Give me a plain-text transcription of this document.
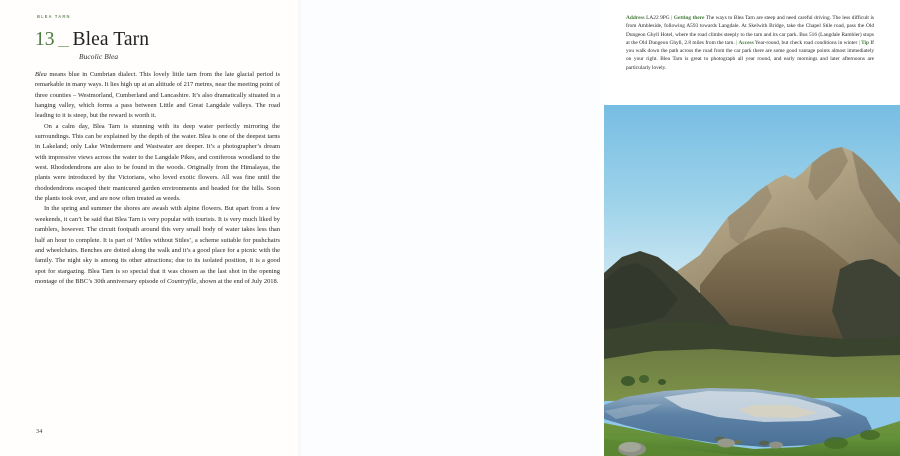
BLEA TARN
13 Blea Tarn
Bucolic Blea

Blea means blue in Cumbrian dialect. This lovely little tarn from the late glacial period is remarkable in many ways. It lies high up at an altitude of 217 metres, near the meeting point of three counties – Westmorland, Cumberland and Lancashire. It’s also dramatically situated in a hanging valley, which forms a pass between Little and Great Langdale valleys. The road leading to it is steep, but the reward is worth it.

On a calm day, Blea Tarn is stunning with its deep water perfectly mirroring the surroundings. This can be explained by the depth of the water. Blea is one of the deepest tarns in Lakeland; only Lake Windermere and Wastwater are deeper. It’s a photographer’s dream with impressive views across the water to the Langdale Pikes, and coniferous woodland to the west. Rhododendrons are also to be found in the woods. Originally from the Himalayas, the plants were introduced by the Victorians, who loved exotic flowers. All was fine until the rhododendrons escaped their manicured garden environments and headed for the hills. Soon the plants took over, and are now often treated as weeds.

In the spring and summer the shores are awash with alpine flowers. But apart from a few weekends, it can’t be said that Blea Tarn is very popular with tourists. It is very much liked by ramblers, however. The circuit footpath around this very small body of water takes less than half an hour to complete. It is part of ‘Miles without Stiles’, a scheme suitable for pushchairs and wheelchairs. Benches are dotted along the walk and it’s a good place for a picnic with the family. The night sky is among its other attractions; due to its isolated position, it is a good spot for stargazing. Blea Tarn is so special that it was chosen as the last shot in the opening montage of the BBC’s 30th anniversary episode of Countryfile, shown at the end of July 2018.

34
Address LA22 9PG | Getting there The ways to Blea Tarn are steep and need careful driving. The less difficult is from Ambleside, following A593 towards Langdale. At Skelwith Bridge, take the Chapel Stile road, pass the Old Dungeon Ghyll Hotel, where the road climbs steeply to the tarn and its car park. Bus 516 (Langdale Rambler) stops at the Old Dungeon Ghyll, 2.8 miles from the tarn. | Access Year-round, but check road conditions in winter | Tip If you walk down the path across the road from the car park there are some good vantage points almost immediately on your right. Blea Tarn is great to photograph all year round, and early mornings and later afternoons are particularly lovely.
